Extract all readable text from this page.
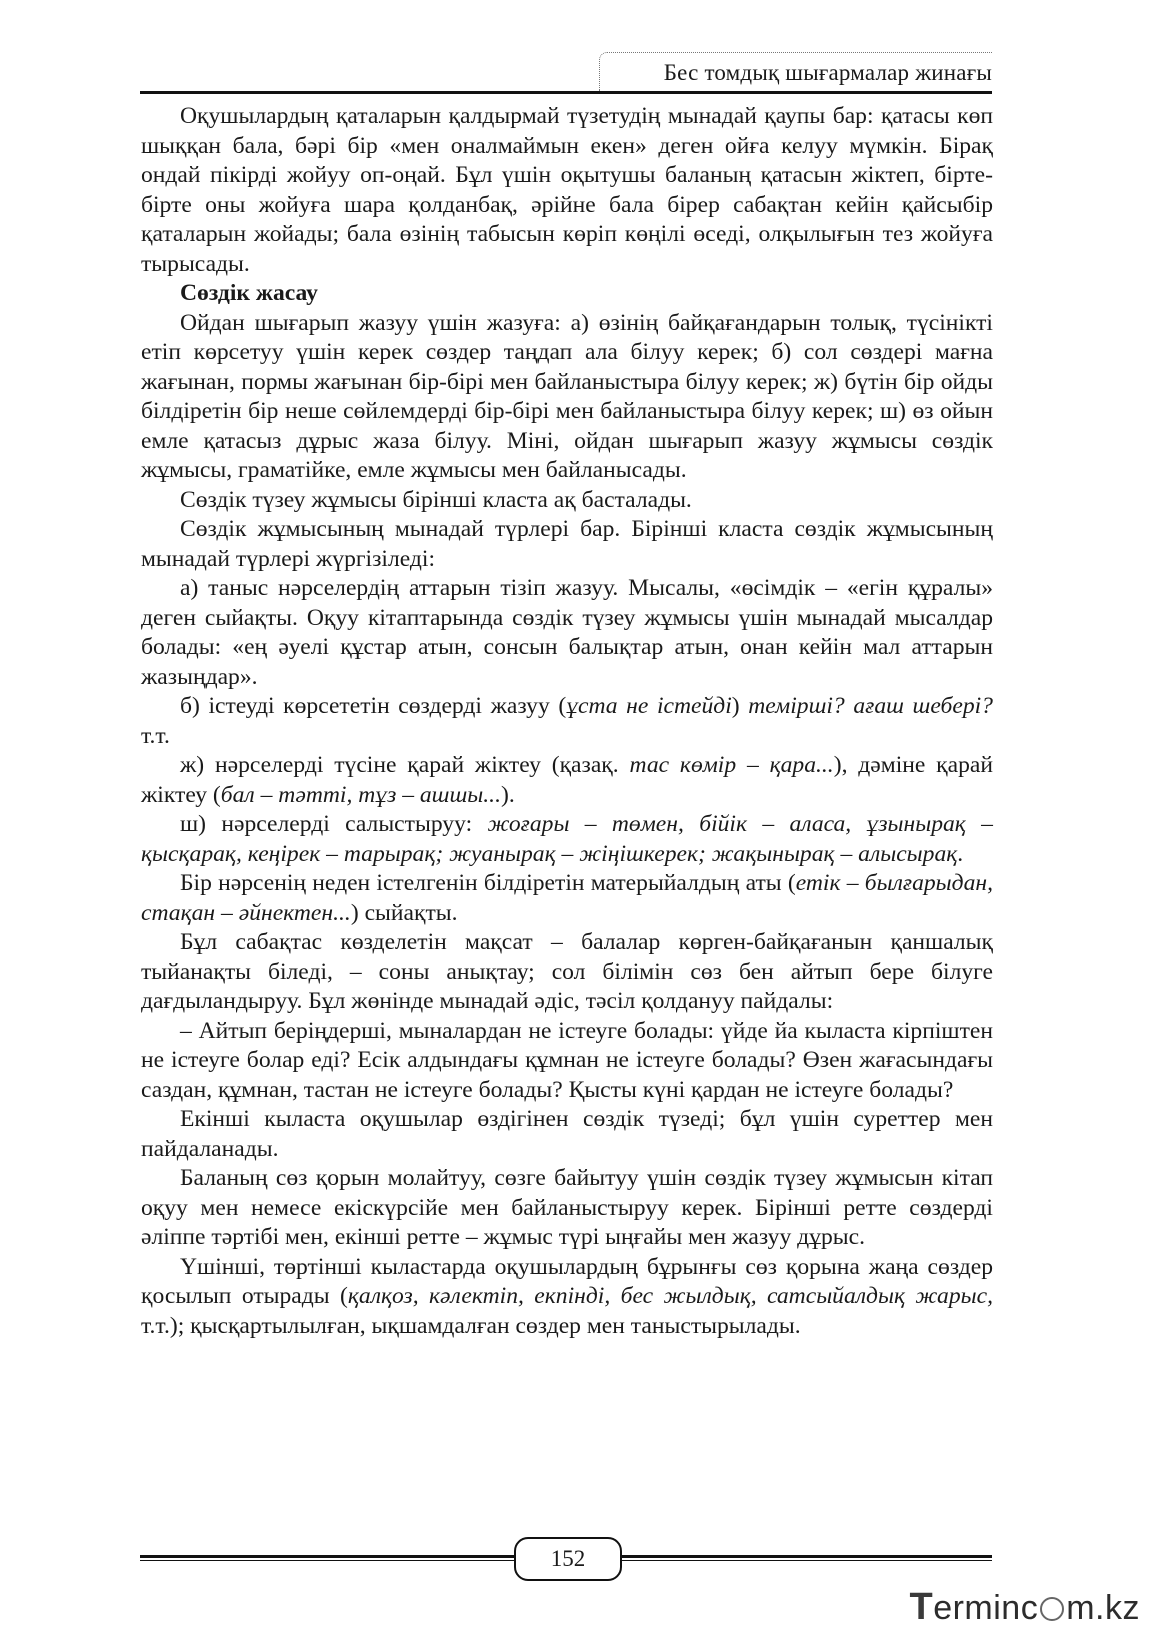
Бес томдық шығармалар жинағы

Оқушылардың қаталарын қалдырмай түзетудің мынадай қаупы бар: қатасы көп шыққан бала, бәрі бір «мен оналмаймын екен» деген ойға келуу мүмкін. Бірақ ондай пікірді жойуу оп-оңай. Бұл үшін оқытушы баланың қатасын жіктеп, бірте-бірте оны жойуға шара қолданбақ, әрійне бала бірер сабақтан кейін қайсыбір қаталарын жойады; бала өзінің табысын көріп көңілі өседі, олқылығын тез жойуға тырысады.

Сөздік жасау

Ойдан шығарып жазуу үшін жазуға: а) өзінің байқағандарын толық, түсінікті етіп көрсетуу үшін керек сөздер таңдап ала білуу керек; б) сол сөздері мағна жағынан, пормы жағынан бір-бірі мен байланыстыра білуу керек; ж) бүтін бір ойды білдіретін бір неше сөйлемдерді бір-бірі мен байланыстыра білуу керек; ш) өз ойын емле қатасыз дұрыс жаза білуу. Міні, ойдан шығарып жазуу жұмысы сөздік жұмысы, граматійке, емле жұмысы мен байланысады.

Сөздік түзеу жұмысы бірінші класта ақ басталады.

Сөздік жұмысының мынадай түрлері бар. Бірінші класта сөздік жұмысының мынадай түрлері жүргізіледі:

а) таныс нәрселердің аттарын тізіп жазуу. Мысалы, «өсімдік – «егін құралы» деген сыйақты. Оқуу кітаптарында сөздік түзеу жұмысы үшін мынадай мысалдар болады: «ең әуелі құстар атын, сонсын балықтар атын, онан кейін мал аттарын жазыңдар».

б) істеуді көрсететін сөздерді жазуу (ұста не істейді) теміршi? ағаш шебері? т.т.

ж) нәрселерді түсіне қарай жіктеу (қазақ. тас көмір – қара...), дәміне қарай жіктеу (бал – тәтті, тұз – ашшы...).

ш) нәрселерді салыстыруу: жоғары – төмен, бійік – аласа, ұзынырақ – қысқарақ, кеңірек – тарырақ; жуанырақ – жіңішкерек; жақынырақ – алысырақ.

Бір нәрсенің неден істелгенін білдіретін матерыйалдың аты (етік – былғарыдан, стақан – әйнектен...) сыйақты.

Бұл сабақтас көзделетін мақсат – балалар көрген-байқағанын қаншалық тыйанақты біледі, – соны анықтау; сол білімін сөз бен айтып бере білуге дағдыландыруу. Бұл жөнінде мынадай әдіс, тәсіл қолдануу пайдалы:

– Айтып беріңдерші, мыналардан не істеуге болады: үйде йа кыласта кірпіштен не істеуге болар еді? Есік алдындағы құмнан не істеуге болады? Өзен жағасындағы саздан, құмнан, тастан не істеуге болады? Қысты күні қардан не істеуге болады?

Екінші кыласта оқушылар өздігінен сөздік түзеді; бұл үшін суреттер мен пайдаланады.

Баланың сөз қорын молайтуу, сөзге байытуу үшін сөздік түзеу жұмысын кітап оқуу мен немесе екіскүрсійе мен байланыстыруу керек. Бірінші ретте сөздерді әліппе тәртібі мен, екінші ретте – жұмыс түрі ыңғайы мен жазуу дұрыс.

Үшінші, төртінші кыластарда оқушылардың бұрынғы сөз қорына жаңа сөздер қосылып отырады (қалқоз, кәлектіп, екпінді, бес жылдық, сатсыйалдық жарыс, т.т.); қысқартылылған, ықшамдалған сөздер мен таныстырылады.

152
Terminc m.kz
